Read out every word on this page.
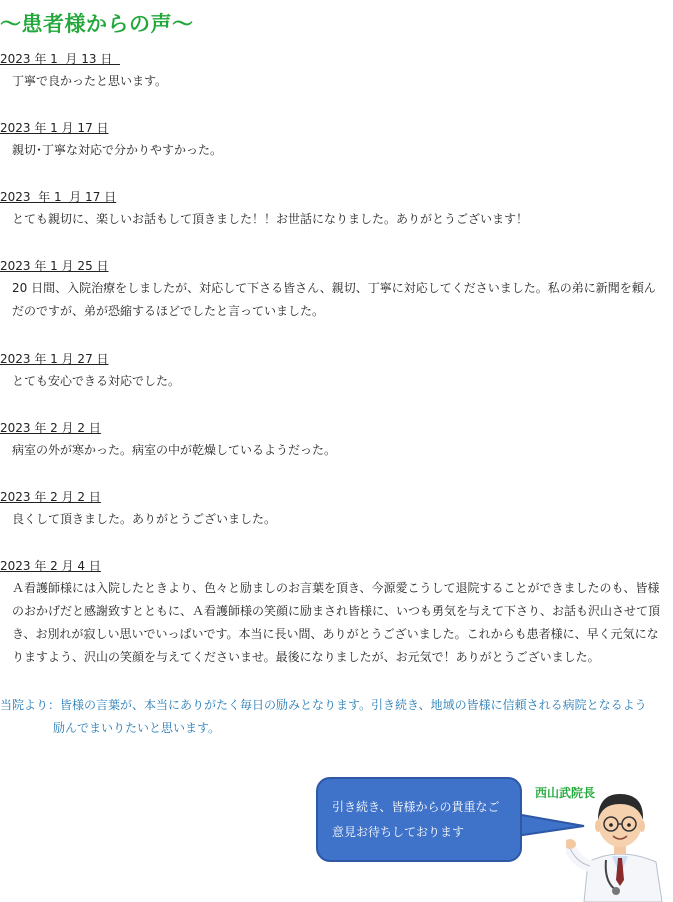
〜患者様からの声〜
2023 年 1  月 13 日
丁寧で良かったと思います。
2023 年 1 月 17 日
親切･丁寧な対応で分かりやすかった。
2023  年 1  月 17 日
とても親切に、楽しいお話もして頂きました！！お世話になりました。ありがとうございます！
2023 年 1 月 25 日
20 日間、入院治療をしましたが、対応して下さる皆さん、親切、丁寧に対応してくださいました。私の弟に新聞を頼んだのですが、弟が恐縮するほどでしたと言っていました。
2023 年 1 月 27 日
とても安心できる対応でした。
2023 年 2 月 2 日
病室の外が寒かった。病室の中が乾燥しているようだった。
2023 年 2 月 2 日
良くして頂きました。ありがとうございました。
2023 年 2 月 4 日
Ａ看護師様には入院したときより、色々と励ましのお言葉を頂き、今源愛こうして退院することができましたのも、皆様のおかげだと感謝致すとともに、Ａ看護師様の笑顔に励まされ皆様に、いつも勇気を与えて下さり、お話も沢山させて頂き、お別れが寂しい思いでいっぱいです。本当に長い間、ありがとうございました。これからも患者様に、早く元気になりますよう、沢山の笑顔を与えてくださいませ。最後になりましたが、お元気で！ありがとうございました。
当院より： 皆様の言葉が、本当にありがたく毎日の励みとなります。引き続き、地域の皆様に信頼される病院となるよう
励んでまいりたいと思います。
引き続き、皆様からの貴重なご
意見お待ちしております
西山武院長
